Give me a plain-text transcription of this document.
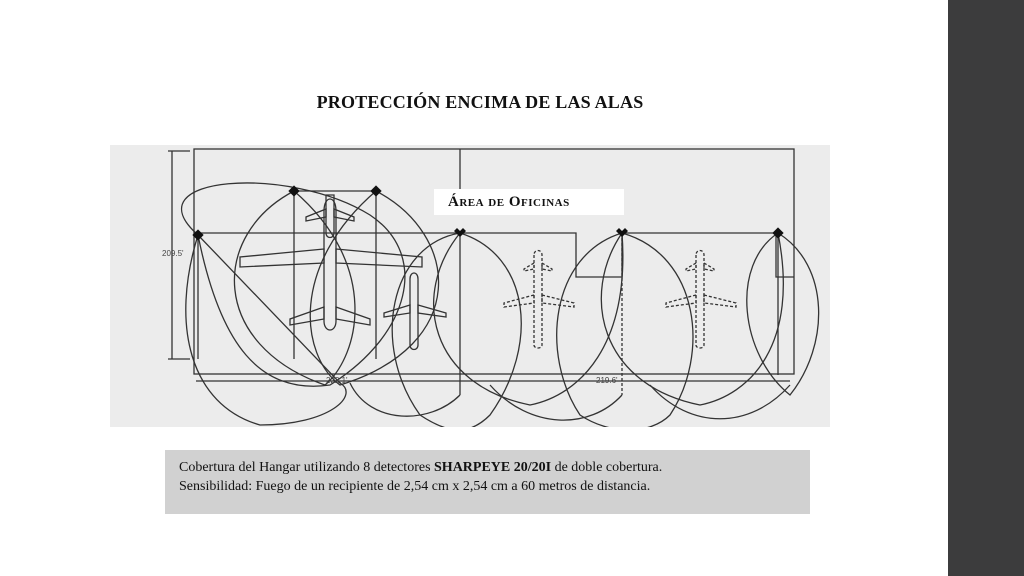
PROTECCIÓN ENCIMA DE LAS ALAS
209.5'
222.1'	219.6'
Área de Oficinas
Cobertura del Hangar utilizando 8 detectores SHARPEYE 20/20I de doble cobertura.
Sensibilidad: Fuego de un recipiente de 2,54 cm x 2,54 cm a 60 metros de distancia.
